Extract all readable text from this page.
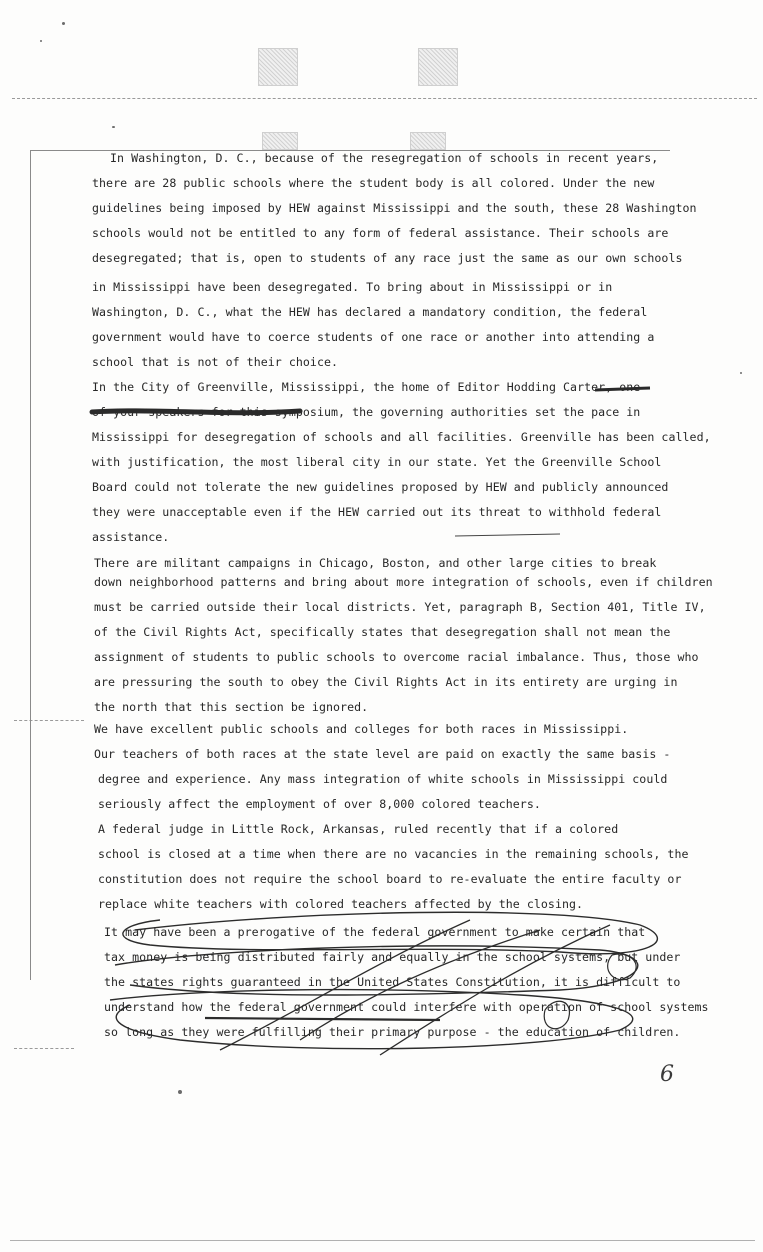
In Washington, D. C., because of the resegregation of schools in recent years,
there are 28 public schools where the student body is all colored. Under the new
guidelines being imposed by HEW against Mississippi and the south, these 28 Washington
schools would not be entitled to any form of federal assistance. Their schools are
desegregated; that is, open to students of any race just the same as our own schools
in Mississippi have been desegregated. To bring about in Mississippi or in
Washington, D. C., what the HEW has declared a mandatory condition, the federal
government would have to coerce students of one race or another into attending a
school that is not of their choice.
In the City of Greenville, Mississippi, the home of Editor Hodding Carter, one
of your speakers for this symposium, the governing authorities set the pace in
Mississippi for desegregation of schools and all facilities. Greenville has been called,
with justification, the most liberal city in our state. Yet the Greenville School
Board could not tolerate the new guidelines proposed by HEW and publicly announced
they were unacceptable even if the HEW carried out its threat to withhold federal
assistance.
There are militant campaigns in Chicago, Boston, and other large cities to break
down neighborhood patterns and bring about more integration of schools, even if children
must be carried outside their local districts. Yet, paragraph B, Section 401, Title IV,
of the Civil Rights Act, specifically states that desegregation shall not mean the
assignment of students to public schools to overcome racial imbalance. Thus, those who
are pressuring the south to obey the Civil Rights Act in its entirety are urging in
the north that this section be ignored.
We have excellent public schools and colleges for both races in Mississippi.
Our teachers of both races at the state level are paid on exactly the same basis -
degree and experience. Any mass integration of white schools in Mississippi could
seriously affect the employment of over 8,000 colored teachers.
A federal judge in Little Rock, Arkansas, ruled recently that if a colored
school is closed at a time when there are no vacancies in the remaining schools, the
constitution does not require the school board to re-evaluate the entire faculty or
replace white teachers with colored teachers affected by the closing.
It may have been a prerogative of the federal government to make certain that
tax money is being distributed fairly and equally in the school systems, but under
the states rights guaranteed in the United States Constitution, it is difficult to
understand how the federal government could interfere with operation of school systems
so long as they were fulfilling their primary purpose - the education of children.
6
